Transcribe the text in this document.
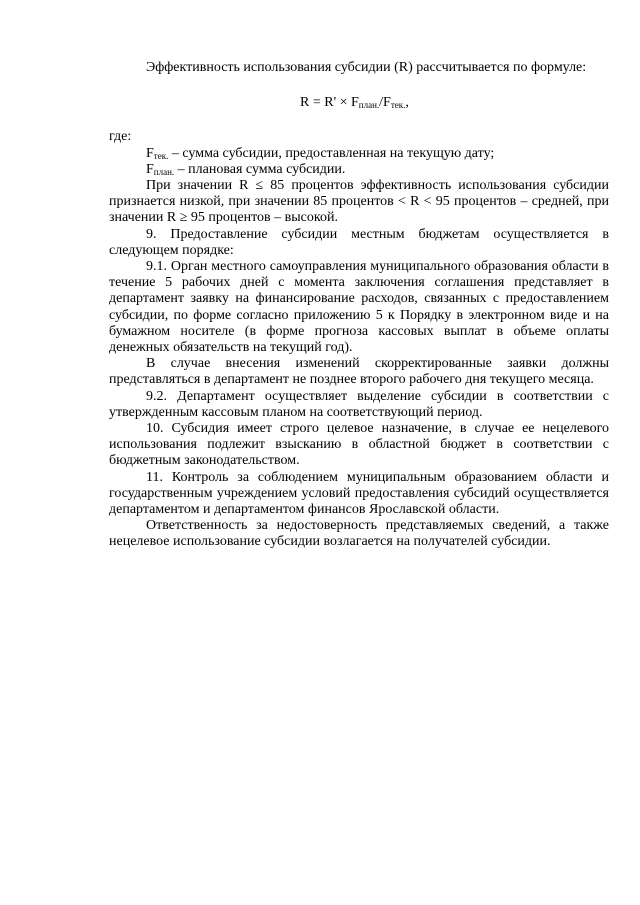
Эффективность использования субсидии (R) рассчитывается по формуле:

$R = R' \times F_{план.}/F_{тек.}$,

где:

$F_{тек.}$ – сумма субсидии, предоставленная на текущую дату;

$F_{план.}$ – плановая сумма субсидии.

При значении R ≤ 85 процентов эффективность использования субсидии признается низкой, при значении 85 процентов < R < 95 процентов – средней, при значении R ≥ 95 процентов – высокой.

9. Предоставление субсидии местным бюджетам осуществляется в следующем порядке:

9.1. Орган местного самоуправления муниципального образования области в течение 5 рабочих дней с момента заключения соглашения представляет в департамент заявку на финансирование расходов, связанных с предоставлением субсидии, по форме согласно приложению 5 к Порядку в электронном виде и на бумажном носителе (в форме прогноза кассовых выплат в объеме оплаты денежных обязательств на текущий год).

В случае внесения изменений скорректированные заявки должны представляться в департамент не позднее второго рабочего дня текущего месяца.

9.2. Департамент осуществляет выделение субсидии в соответствии с утвержденным кассовым планом на соответствующий период.

10. Субсидия имеет строго целевое назначение, в случае ее нецелевого использования подлежит взысканию в областной бюджет в соответствии с бюджетным законодательством.

11. Контроль за соблюдением муниципальным образованием области и государственным учреждением условий предоставления субсидий осуществляется департаментом и департаментом финансов Ярославской области.

Ответственность за недостоверность представляемых сведений, а также нецелевое использование субсидии возлагается на получателей субсидии.
